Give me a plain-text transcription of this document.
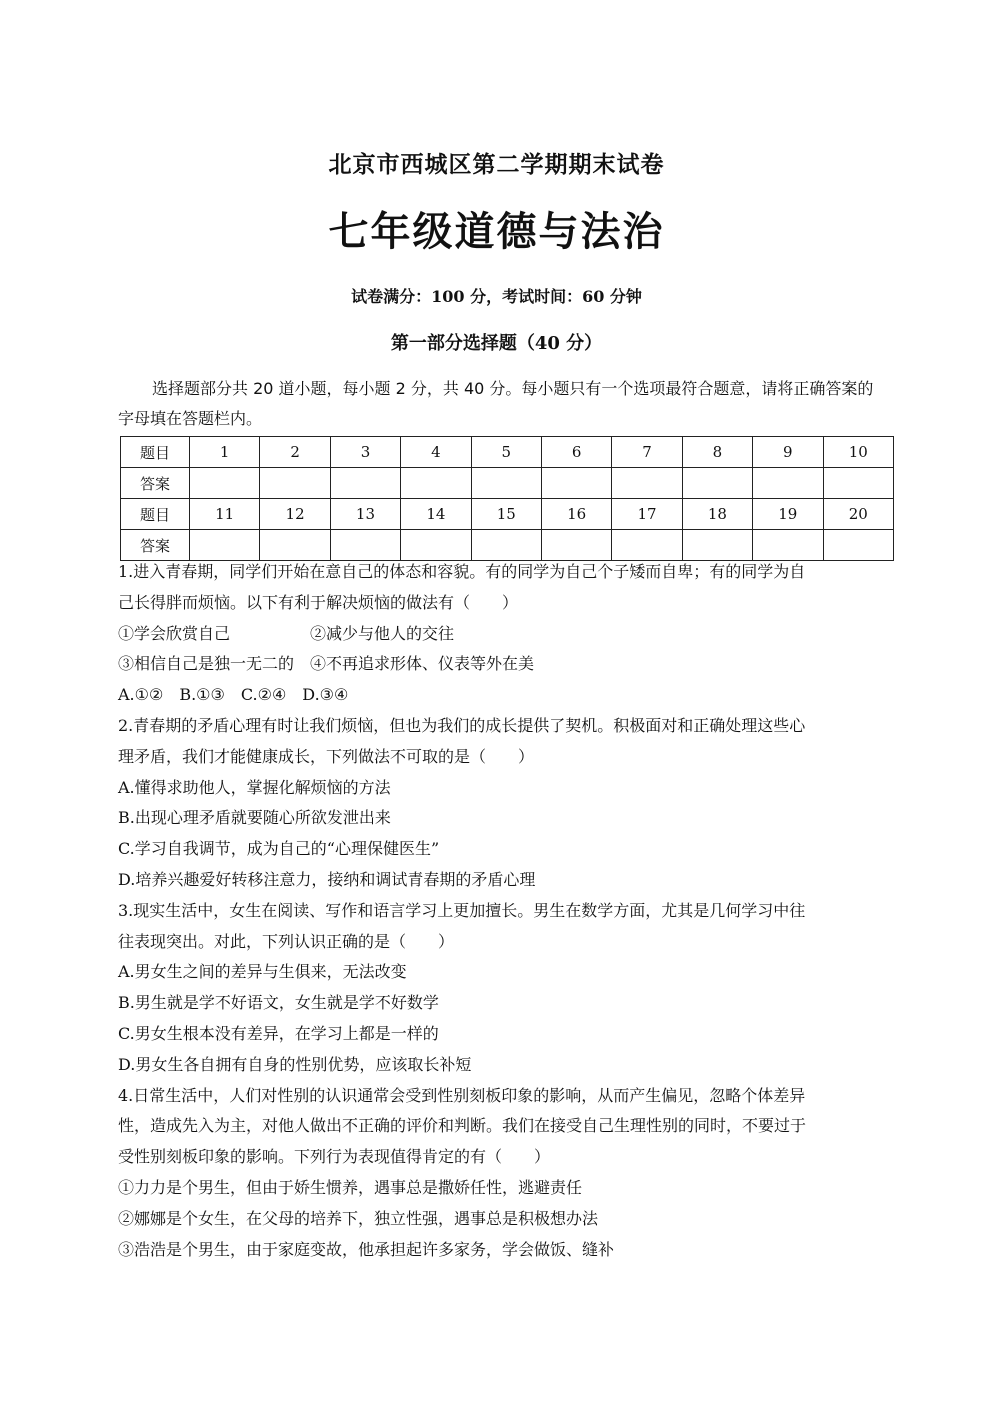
北京市西城区第二学期期末试卷
七年级道德与法治
试卷满分：100 分，考试时间：60 分钟
第一部分选择题（40 分）
选择题部分共 20 道小题，每小题 2 分，共 40 分。每小题只有一个选项最符合题意，请将正确答案的字母填在答题栏内。
题目	1	2	3	4	5	6	7	8	9	10
答案										
题目	11	12	13	14	15	16	17	18	19	20
答案										
1.进入青春期，同学们开始在意自己的体态和容貌。有的同学为自己个子矮而自卑；有的同学为自
己长得胖而烦恼。以下有利于解决烦恼的做法有（　　）
①学会欣赏自己　　　　　②减少与他人的交往
③相信自己是独一无二的　④不再追求形体、仪表等外在美
A.①②　B.①③　C.②④　D.③④
2.青春期的矛盾心理有时让我们烦恼，但也为我们的成长提供了契机。积极面对和正确处理这些心
理矛盾，我们才能健康成长，下列做法不可取的是（　　）
A.懂得求助他人，掌握化解烦恼的方法
B.出现心理矛盾就要随心所欲发泄出来
C.学习自我调节，成为自己的“心理保健医生”
D.培养兴趣爱好转移注意力，接纳和调试青春期的矛盾心理
3.现实生活中，女生在阅读、写作和语言学习上更加擅长。男生在数学方面，尤其是几何学习中往
往表现突出。对此，下列认识正确的是（　　）
A.男女生之间的差异与生俱来，无法改变
B.男生就是学不好语文，女生就是学不好数学
C.男女生根本没有差异，在学习上都是一样的
D.男女生各自拥有自身的性别优势，应该取长补短
4.日常生活中，人们对性别的认识通常会受到性别刻板印象的影响，从而产生偏见，忽略个体差异
性，造成先入为主，对他人做出不正确的评价和判断。我们在接受自己生理性别的同时，不要过于
受性别刻板印象的影响。下列行为表现值得肯定的有（　　）
①力力是个男生，但由于娇生惯养，遇事总是撒娇任性，逃避责任
②娜娜是个女生，在父母的培养下，独立性强，遇事总是积极想办法
③浩浩是个男生，由于家庭变故，他承担起许多家务，学会做饭、缝补
